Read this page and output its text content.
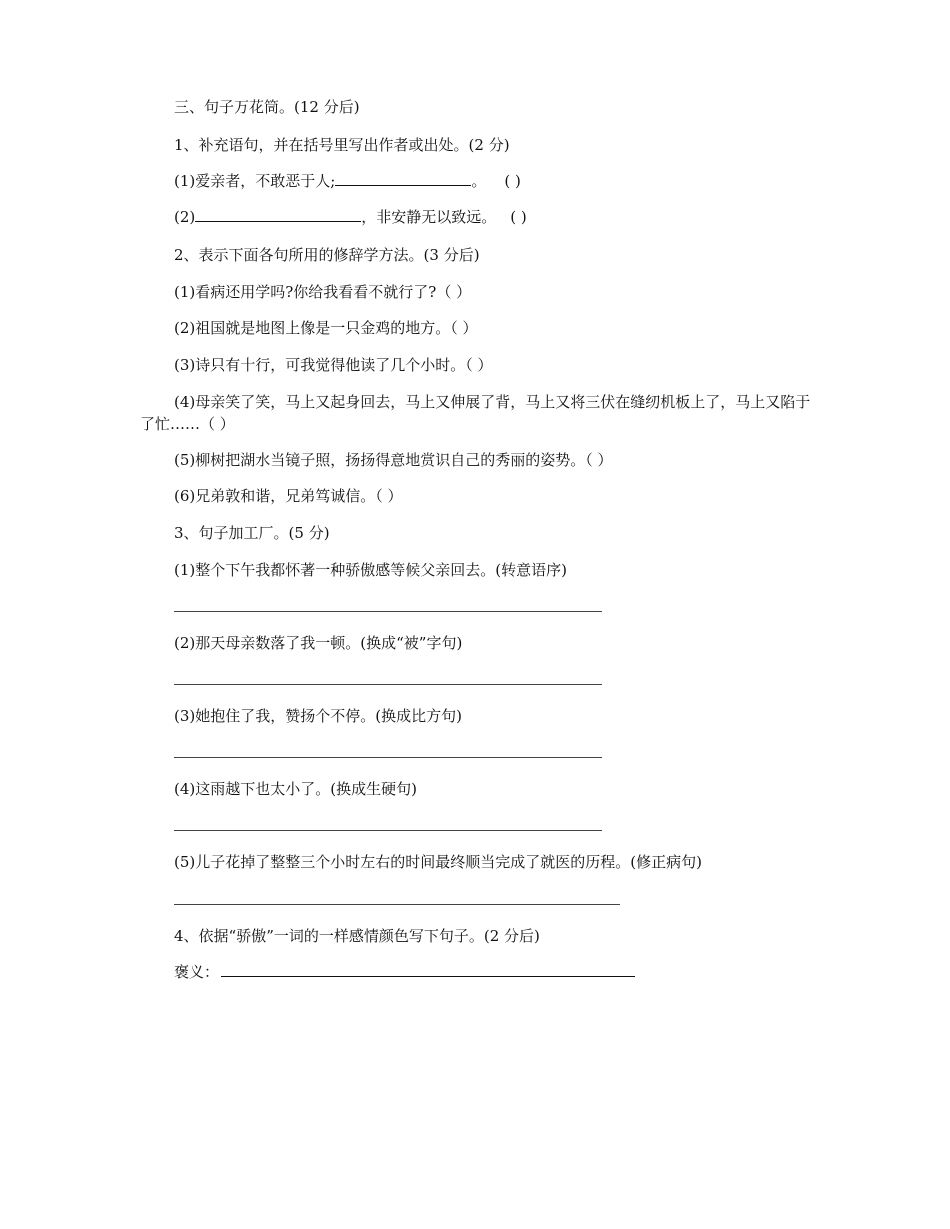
三、句子万花筒。(12 分后)
1、补充语句，并在括号里写出作者或出处。(2 分)
(1)爱亲者，不敢恶于人;	。 ( )
(2)	，非安静无以致远。 ( )
2、表示下面各句所用的修辞学方法。(3 分后)
(1)看病还用学吗?你给我看看不就行了?（ ）
(2)祖国就是地图上像是一只金鸡的地方。（ ）
(3)诗只有十行，可我觉得他读了几个小时。（ ）
(4)母亲笑了笑，马上又起身回去，马上又伸展了背，马上又将三伏在缝纫机板上了，马上又陷于了忙……（ ）
(5)柳树把湖水当镜子照，扬扬得意地赏识自己的秀丽的姿势。（ ）
(6)兄弟敦和谐，兄弟笃诚信。（ ）
3、句子加工厂。(5 分)
(1)整个下午我都怀著一种骄傲感等候父亲回去。(转意语序)
(2)那天母亲数落了我一顿。(换成“被”字句)
(3)她抱住了我，赞扬个不停。(换成比方句)
(4)这雨越下也太小了。(换成生硬句)
(5)儿子花掉了整整三个小时左右的时间最终顺当完成了就医的历程。(修正病句)
4、依据“骄傲”一词的一样感情颜色写下句子。(2 分后)
褒义：
